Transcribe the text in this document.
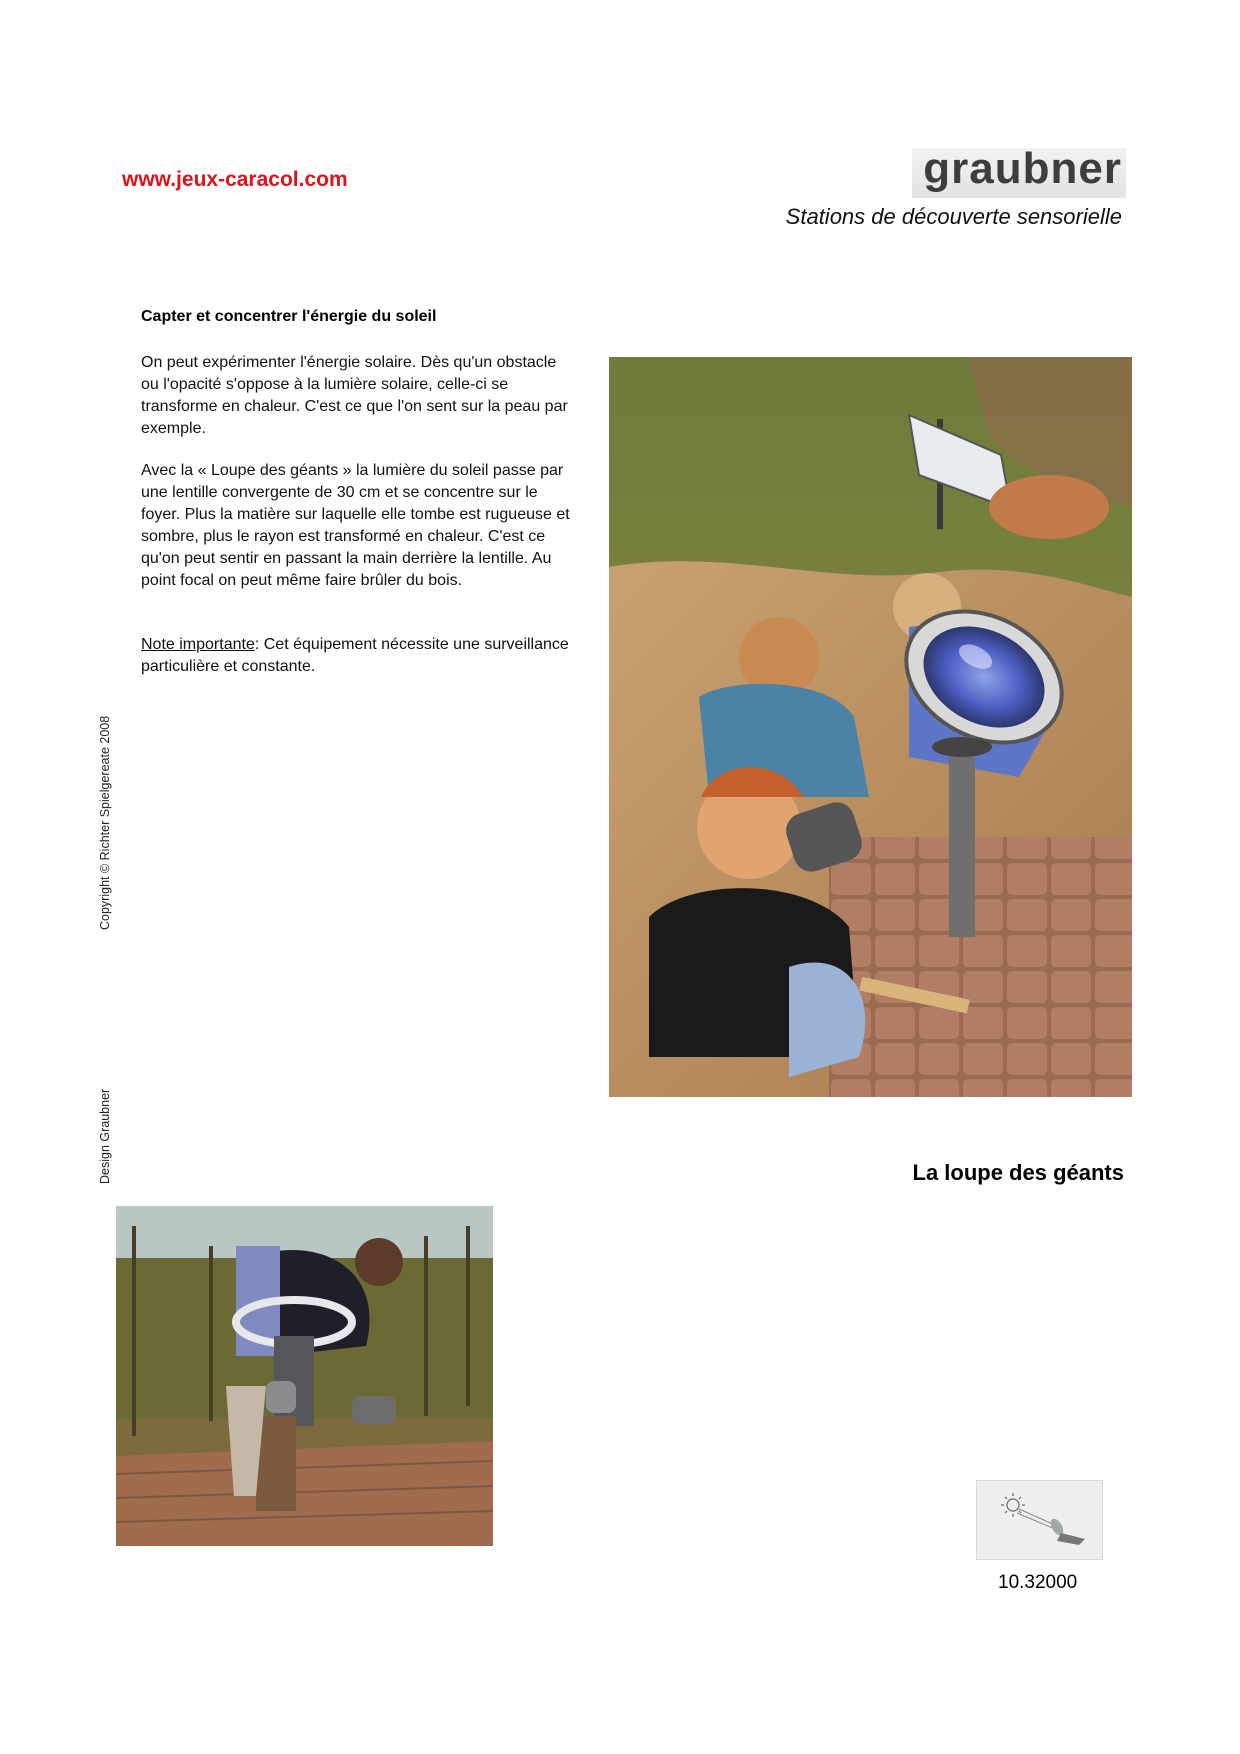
www.jeux-caracol.com	graubner
Stations de découverte sensorielle
Capter et concentrer l'énergie du soleil
On peut expérimenter l'énergie solaire. Dès qu'un obstacle ou l'opacité s'oppose à la lumière solaire, celle-ci se transforme en chaleur. C'est ce que l'on sent sur la peau par exemple.
Avec la « Loupe des géants » la lumière du soleil passe par une lentille convergente de 30 cm et se concentre sur le foyer. Plus la matière sur laquelle elle tombe est rugueuse et sombre, plus le rayon est transformé en chaleur. C'est ce qu'on peut sentir en passant la main derrière la lentille. Au point focal on peut même faire brûler du bois.
Note importante: Cet équipement nécessite une surveillance particulière et constante.
Copyright © Richter Spielgereate 2008
Design Graubner	La loupe des géants
10.32000
